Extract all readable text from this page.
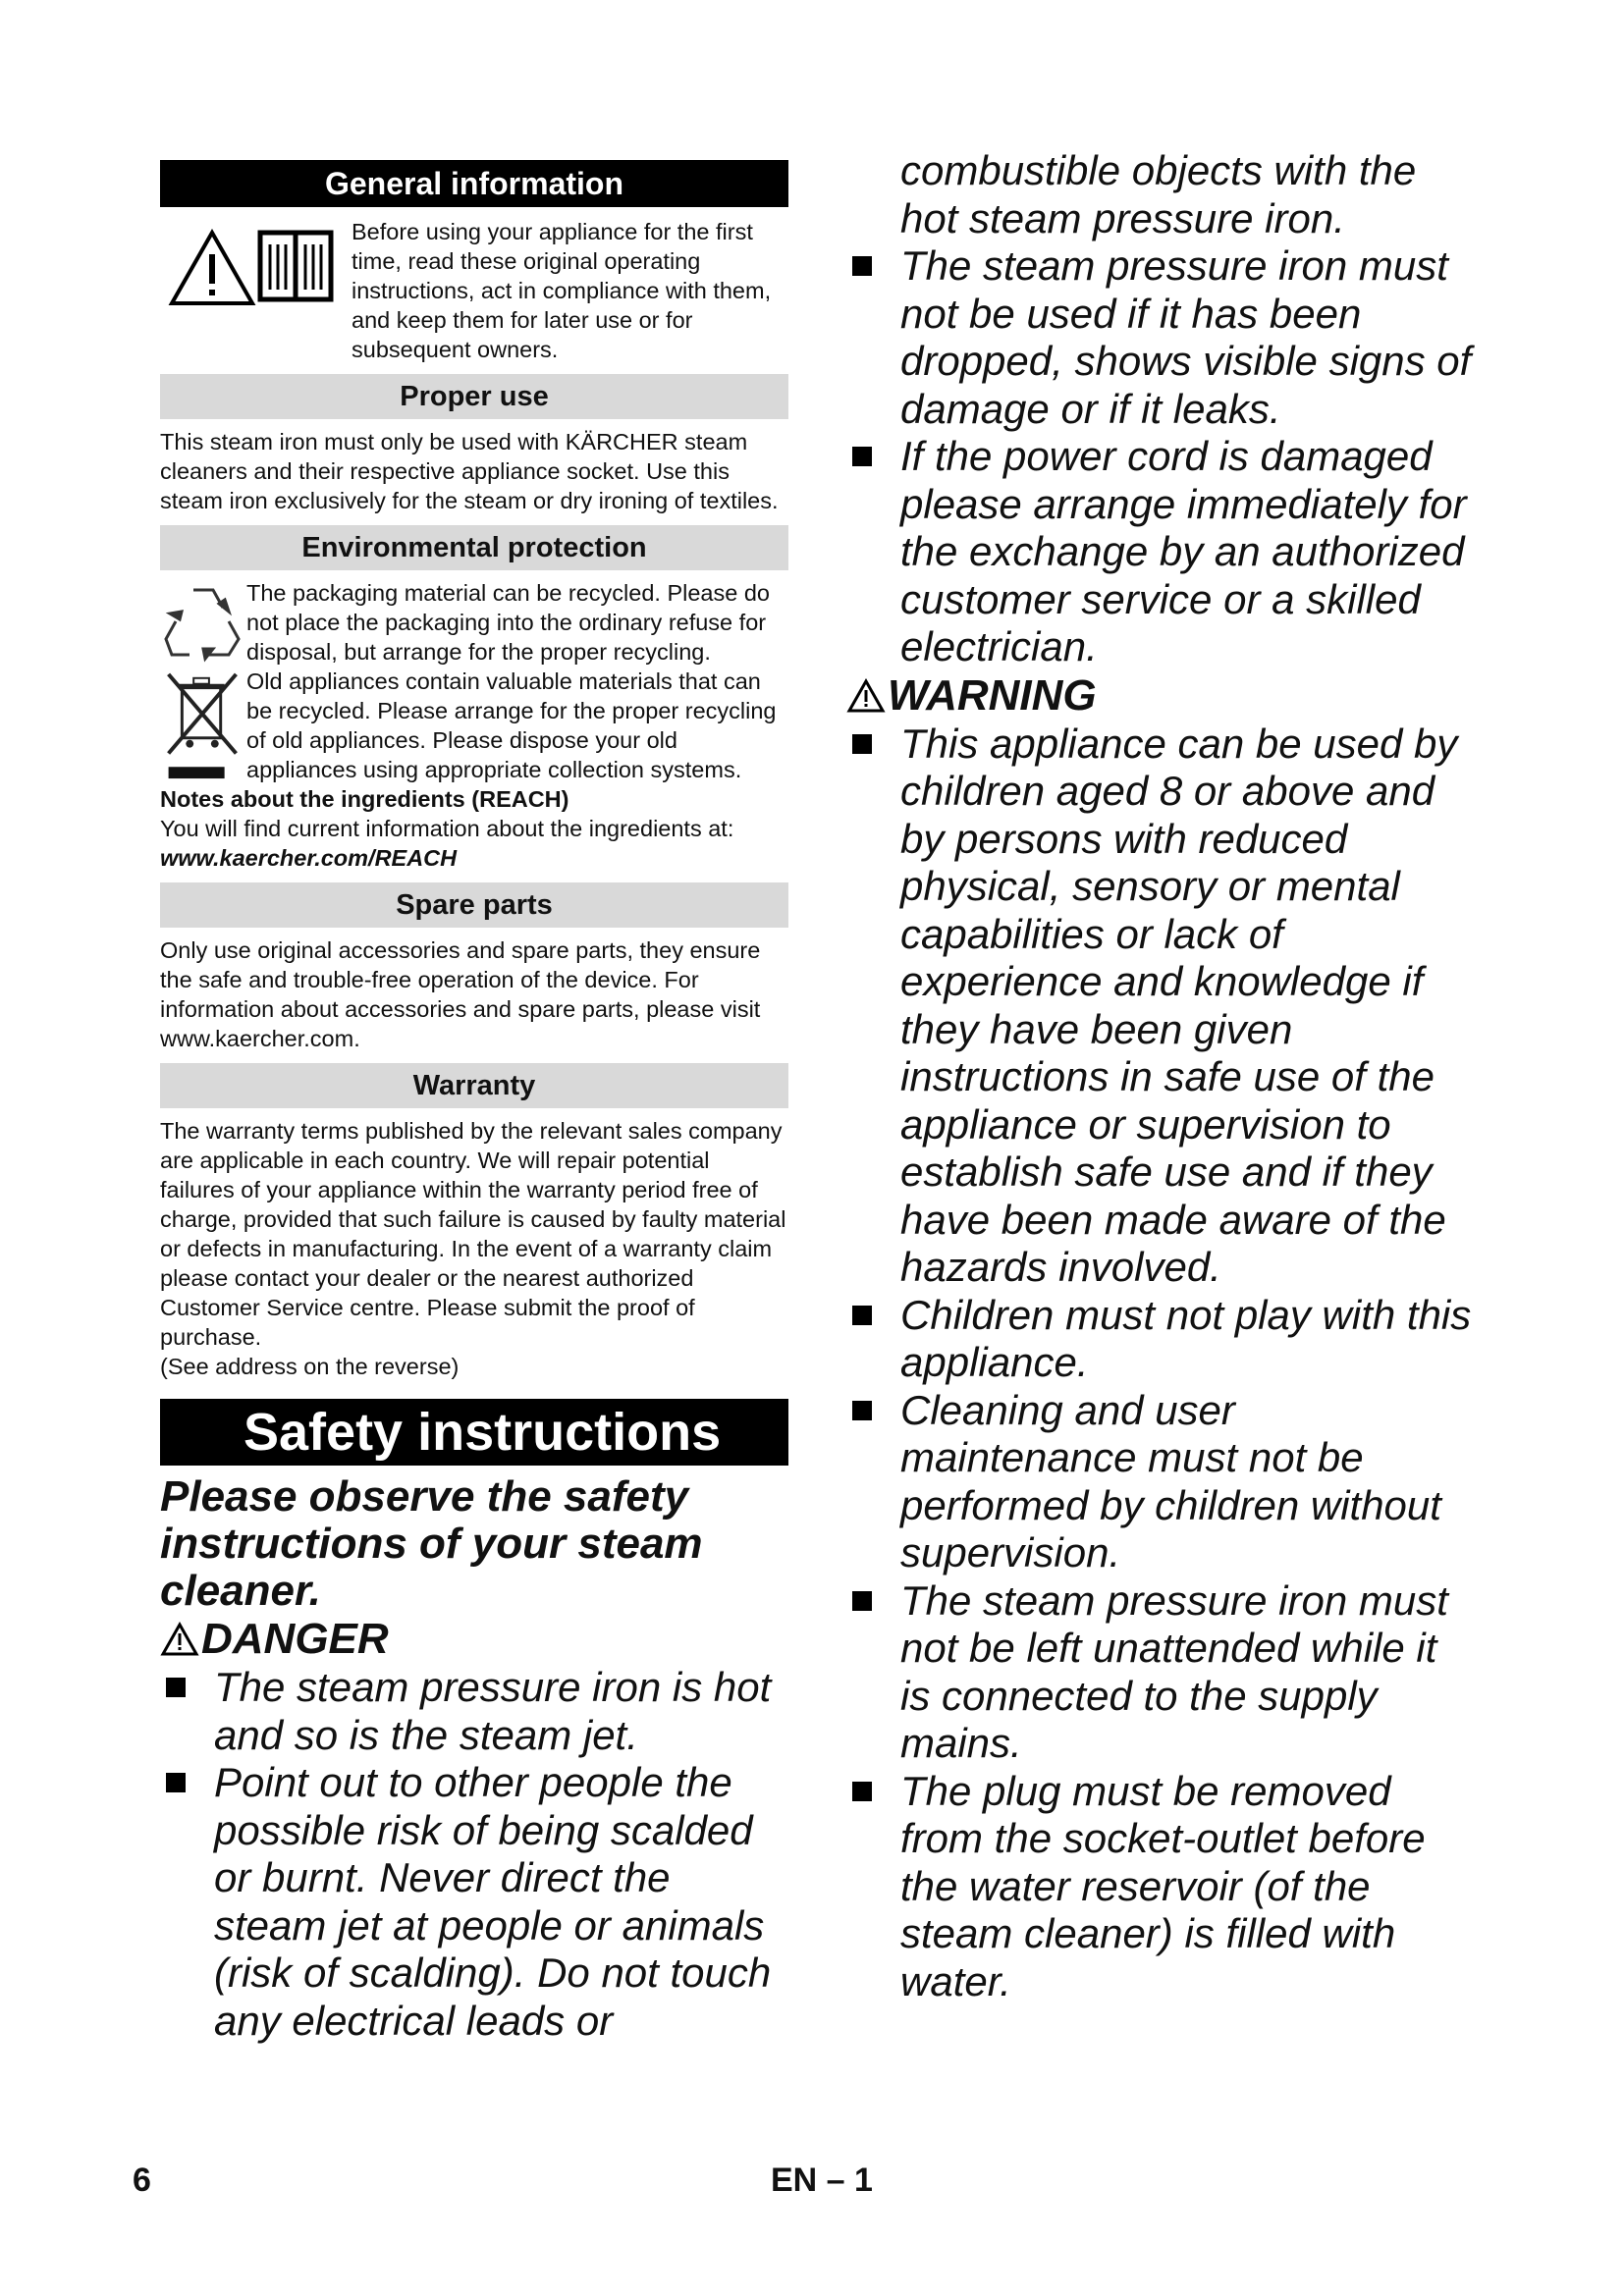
General information

Before using your appliance for the first time, read these original operating instructions, act in compliance with them, and keep them for later use or for subsequent owners.

Proper use

This steam iron must only be used with KÄRCHER steam cleaners and their respective appliance socket. Use this steam iron exclusively for the steam or dry ironing of textiles.

Environmental protection

The packaging material can be recycled. Please do not place the packaging into the ordinary refuse for disposal, but arrange for the proper recycling.

Old appliances contain valuable materials that can be recycled. Please arrange for the proper recycling of old appliances. Please dispose your old appliances using appropriate collection systems.

Notes about the ingredients (REACH)

You will find current information about the ingredients at:

www.kaercher.com/REACH

Spare parts

Only use original accessories and spare parts, they ensure the safe and trouble-free operation of the device. For information about accessories and spare parts, please visit www.kaercher.com.

Warranty

The warranty terms published by the relevant sales company are applicable in each country. We will repair potential failures of your appliance within the warranty period free of charge, provided that such failure is caused by faulty material or defects in manufacturing. In the event of a warranty claim please contact your dealer or the nearest authorized Customer Service centre. Please submit the proof of purchase.

(See address on the reverse)

Safety instructions

Please observe the safety instructions of your steam cleaner.

DANGER
The steam pressure iron is hot and so is the steam jet.
Point out to other people the possible risk of being scalded or burnt. Never direct the steam jet at people or animals (risk of scalding). Do not touch any electrical leads or
combustible objects with the hot steam pressure iron.
The steam pressure iron must not be used if it has been dropped, shows visible signs of damage or if it leaks.
If the power cord is damaged please arrange immediately for the exchange by an authorized customer service or a skilled electrician.
WARNING
This appliance can be used by children aged 8 or above and by persons with reduced physical, sensory or mental capabilities or lack of experience and knowledge if they have been given instructions in safe use of the appliance or supervision to establish safe use and if they have been made aware of the hazards involved.
Children must not play with this appliance.
Cleaning and user maintenance must not be performed by children without supervision.
The steam pressure iron must not be left unattended while it is connected to the supply mains.
The plug must be removed from the socket-outlet before the water reservoir (of the steam cleaner) is filled with water.
6	EN – 1
